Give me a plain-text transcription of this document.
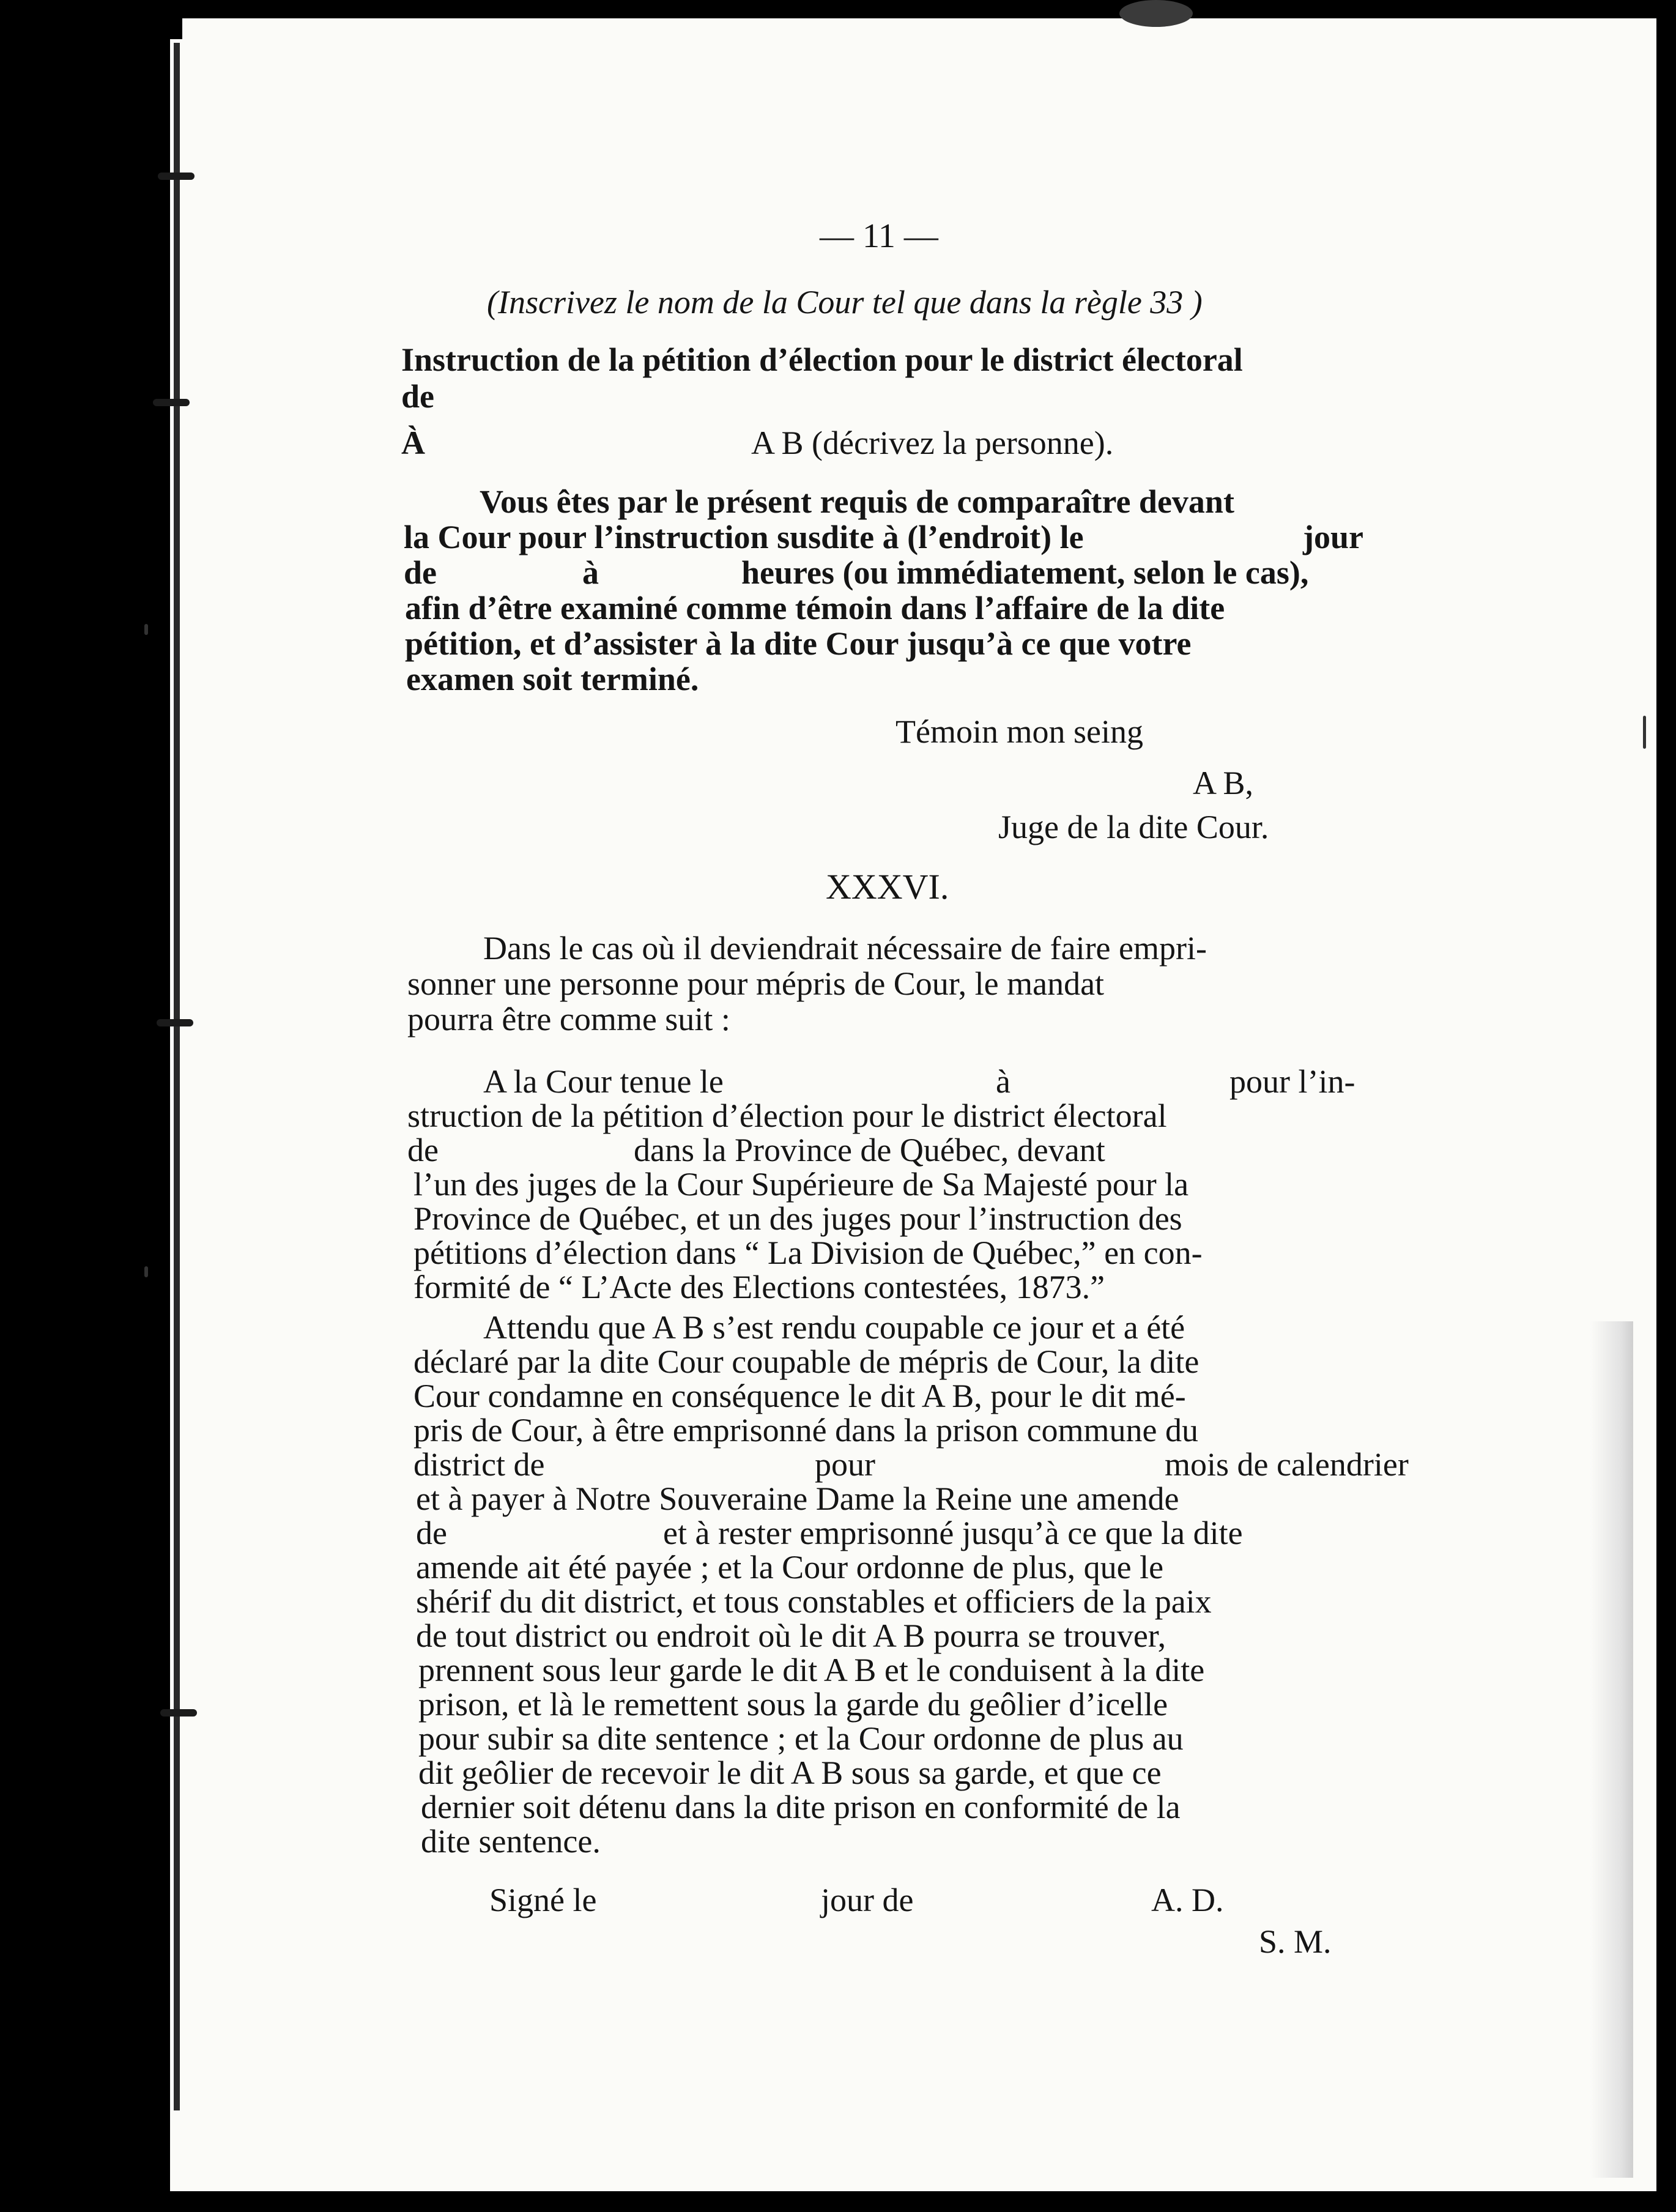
— 11 —
(Inscrivez le nom de la Cour tel que dans la règle 33 )
Instruction de la pétition d’élection pour le district électoral
de
À	A B (décrivez la personne).
Vous êtes par le présent requis de comparaître devant
la Cour pour l’instruction susdite à (l’endroit) le	jour
de	à	heures (ou immédiatement, selon le cas),
afin d’être examiné comme témoin dans l’affaire de la dite
pétition, et d’assister à la dite Cour jusqu’à ce que votre
examen soit terminé.
Témoin mon seing
A B,
Juge de la dite Cour.
XXXVI.
Dans le cas où il deviendrait nécessaire de faire empri-
sonner une personne pour mépris de Cour, le mandat
pourra être comme suit :
A la Cour tenue le	à	pour l’in-
struction de la pétition d’élection pour le district électoral
de	dans la Province de Québec, devant
l’un des juges de la Cour Supérieure de Sa Majesté pour la
Province de Québec, et un des juges pour l’instruction des
pétitions d’élection dans “ La Division de Québec,” en con-
formité de “ L’Acte des Elections contestées, 1873.”
Attendu que A B s’est rendu coupable ce jour et a été
déclaré par la dite Cour coupable de mépris de Cour, la dite
Cour condamne en conséquence le dit A B, pour le dit mé-
pris de Cour, à être emprisonné dans la prison commune du
district de	pour	mois de calendrier
et à payer à Notre Souveraine Dame la Reine une amende
de	et à rester emprisonné jusqu’à ce que la dite
amende ait été payée ; et la Cour ordonne de plus, que le
shérif du dit district, et tous constables et officiers de la paix
de tout district ou endroit où le dit A B pourra se trouver,
prennent sous leur garde le dit A B et le conduisent à la dite
prison, et là le remettent sous la garde du geôlier d’icelle
pour subir sa dite sentence ; et la Cour ordonne de plus au
dit geôlier de recevoir le dit A B sous sa garde, et que ce
dernier soit détenu dans la dite prison en conformité de la
dite sentence.
Signé le	jour de	A. D.
S. M.
